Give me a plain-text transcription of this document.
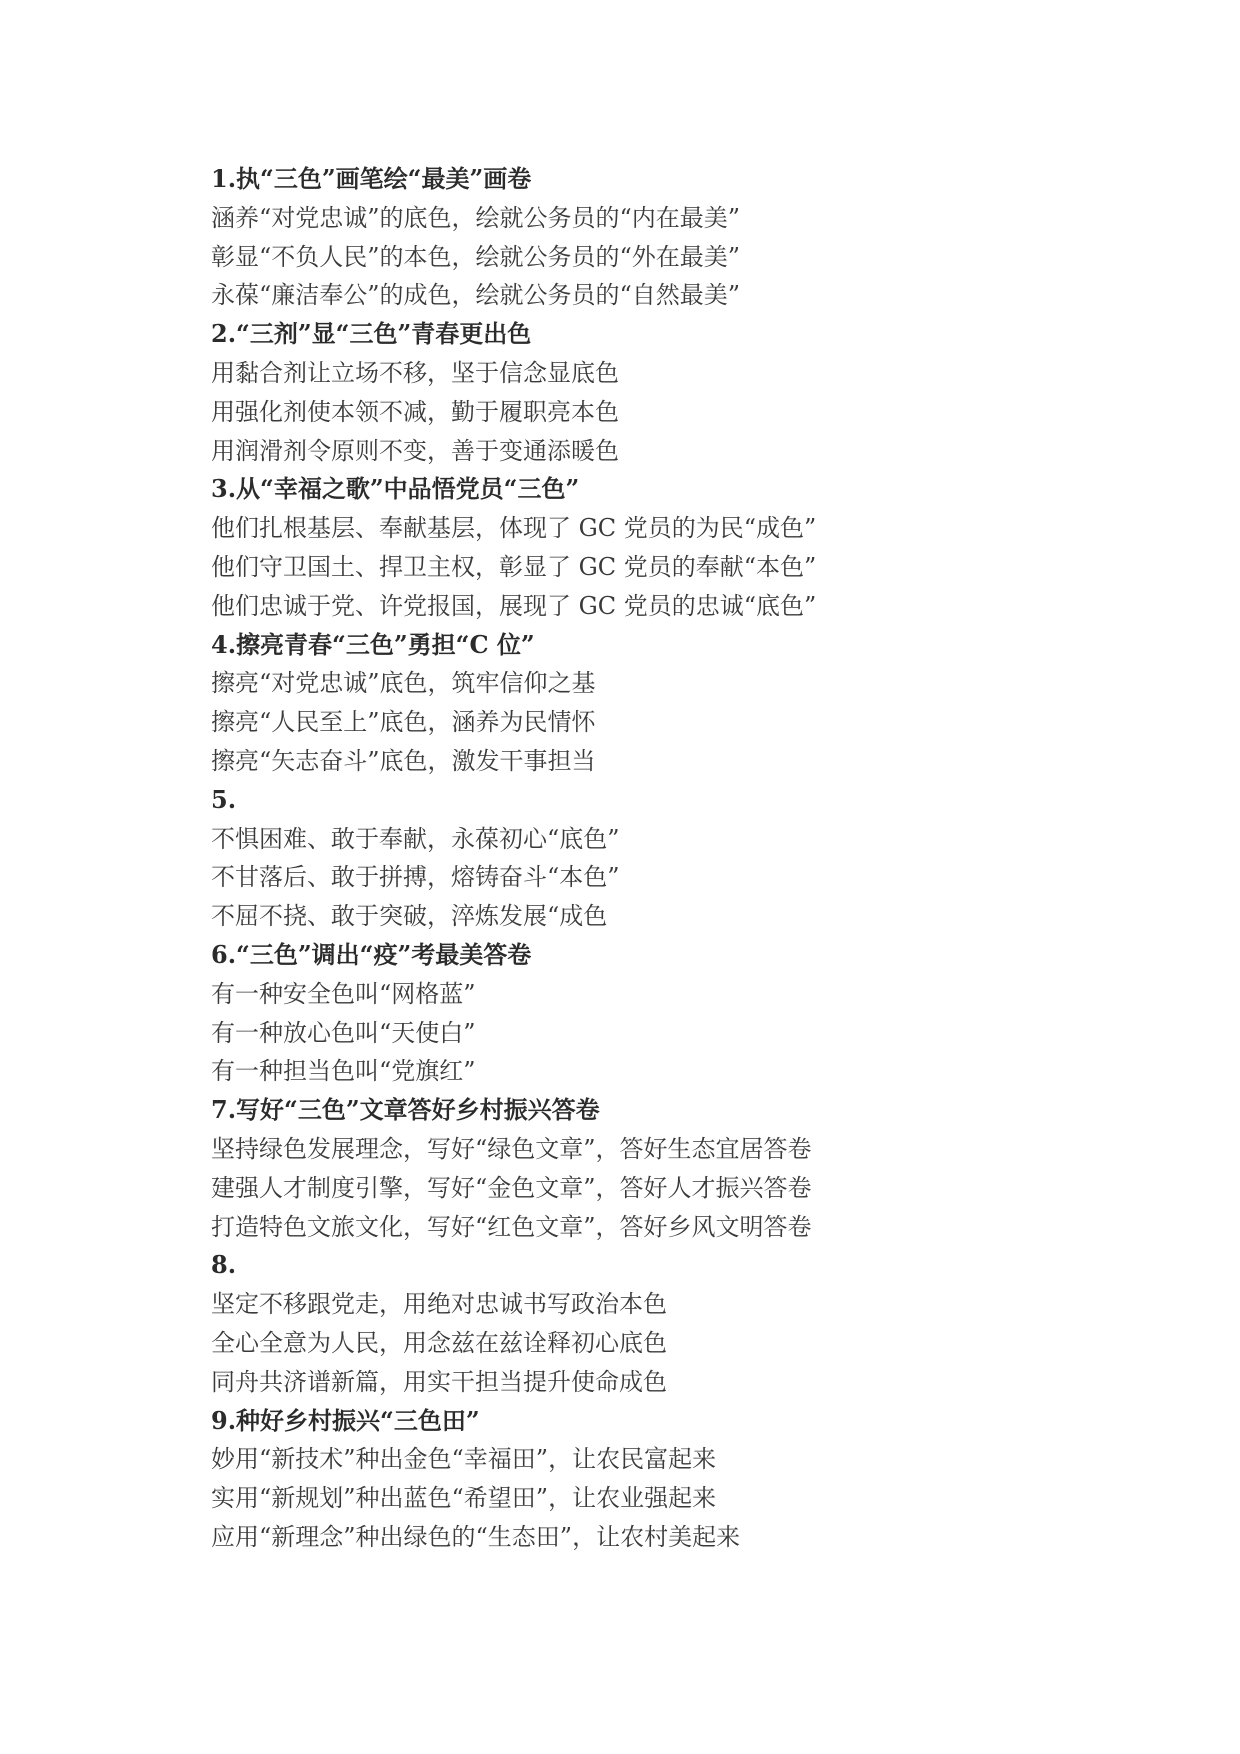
1.执“三色”画笔绘“最美”画卷
涵养“对党忠诚”的底色，绘就公务员的“内在最美”
彰显“不负人民”的本色，绘就公务员的“外在最美”
永葆“廉洁奉公”的成色，绘就公务员的“自然最美”
2.“三剂”显“三色”青春更出色
用黏合剂让立场不移，坚于信念显底色
用强化剂使本领不减，勤于履职亮本色
用润滑剂令原则不变，善于变通添暖色
3.从“幸福之歌”中品悟党员“三色”
他们扎根基层、奉献基层，体现了 GC 党员的为民“成色”
他们守卫国土、捍卫主权，彰显了 GC 党员的奉献“本色”
他们忠诚于党、许党报国，展现了 GC 党员的忠诚“底色”
4.擦亮青春“三色”勇担“C 位”
擦亮“对党忠诚”底色，筑牢信仰之基
擦亮“人民至上”底色，涵养为民情怀
擦亮“矢志奋斗”底色，激发干事担当
5.
不惧困难、敢于奉献，永葆初心“底色”
不甘落后、敢于拼搏，熔铸奋斗“本色”
不屈不挠、敢于突破，淬炼发展“成色
6.“三色”调出“疫”考最美答卷
有一种安全色叫“网格蓝”
有一种放心色叫“天使白”
有一种担当色叫“党旗红”
7.写好“三色”文章答好乡村振兴答卷
坚持绿色发展理念，写好“绿色文章”，答好生态宜居答卷
建强人才制度引擎，写好“金色文章”，答好人才振兴答卷
打造特色文旅文化，写好“红色文章”，答好乡风文明答卷
8.
坚定不移跟党走，用绝对忠诚书写政治本色
全心全意为人民，用念兹在兹诠释初心底色
同舟共济谱新篇，用实干担当提升使命成色
9.种好乡村振兴“三色田”
妙用“新技术”种出金色“幸福田”，让农民富起来
实用“新规划”种出蓝色“希望田”，让农业强起来
应用“新理念”种出绿色的“生态田”，让农村美起来
